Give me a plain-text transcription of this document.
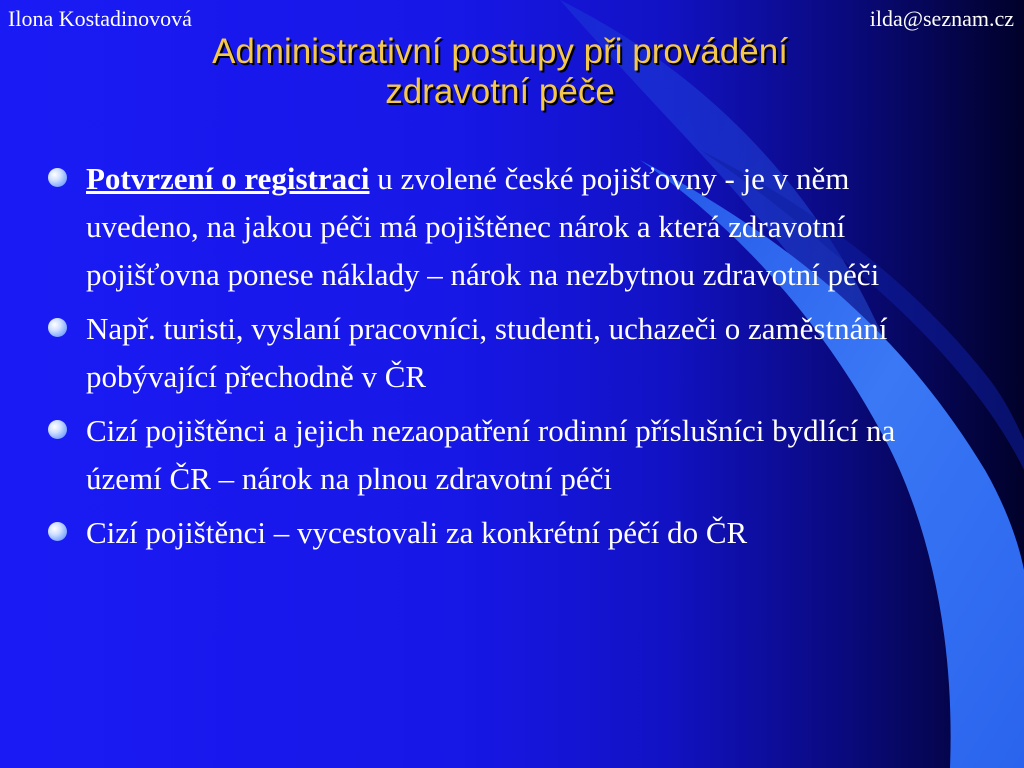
Ilona Kostadinovová	ilda@seznam.cz
Administrativní postupy při provádění
zdravotní péče
Potvrzení o registraci u zvolené české pojišťovny - je v něm uvedeno, na jakou péči má pojištěnec nárok a která zdravotní pojišťovna ponese náklady – nárok na nezbytnou zdravotní péči
Např. turisti, vyslaní pracovníci, studenti, uchazeči o zaměstnání pobývající přechodně v ČR
Cizí pojištěnci a jejich nezaopatření rodinní příslušníci bydlící na území ČR – nárok na plnou zdravotní péči
Cizí pojištěnci – vycestovali za konkrétní péčí do ČR
